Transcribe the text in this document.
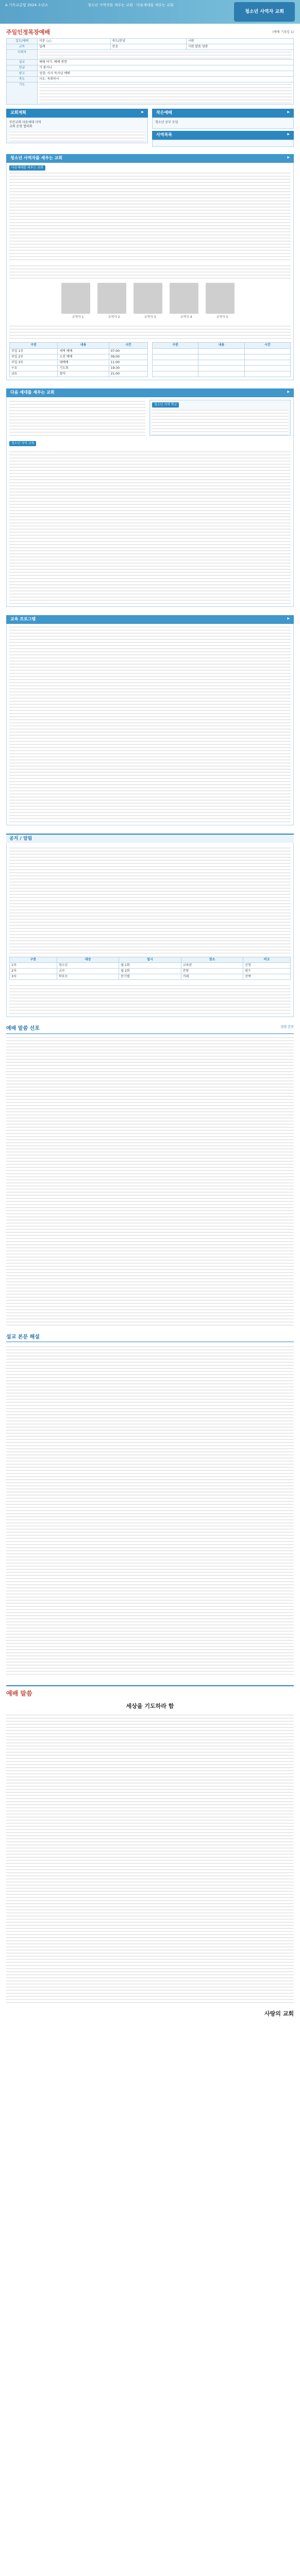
A 기독교총합 2024 소년소	청소년 사역자를 세우는 교회 · 다음세대를 세우는 교회
청소년 사역자 교회
주일인정목장예배	(예배 기록일 1)
집도/예배	미분 ○○	축도/찬양	시편
교독	입례	찬송	시편 말씀 영광
사회자			

설교	예배 여기, 예배 봉헌		
헌금	기 쏟거나		
광고	성경: 사사 목사님 예배		
축도	사도: 목회목사		
기도			
교회계획	▶
부산교회 다음세대 사역
교회 운영 협의회
작은예배	▶
청소년 공부 모임
사역목록	▶
청소년 사역자를 세우는 교회	▶
다음세대를 세우는 교회
교역자 1	교역자 2	교역자 3	교역자 4	교역자 5
구분	내용	시간
주일 1부	새벽 예배	07:00
주일 2부	오전 예배	09:00
주일 3부	대예배	11:00
수요	기도회	19:30
금요	철야	21:00
구분	내용	시간

다음 세대를 세우는 교회	▶
청소년 사역 학교
청소년 사역 교육
교육 프로그램	▶
공지 / 알림
구분	대상	일시	장소	비고
1차	청소년	월 1회	교육관	신청
2차	교사	월 2회	본당	필수
3차	학부모	분기별	카페	선택
예배 말씀 선포	말씀 본문
설교 본문 해설
예배 말씀
세상을 기도하라 함
사랑의 교회
